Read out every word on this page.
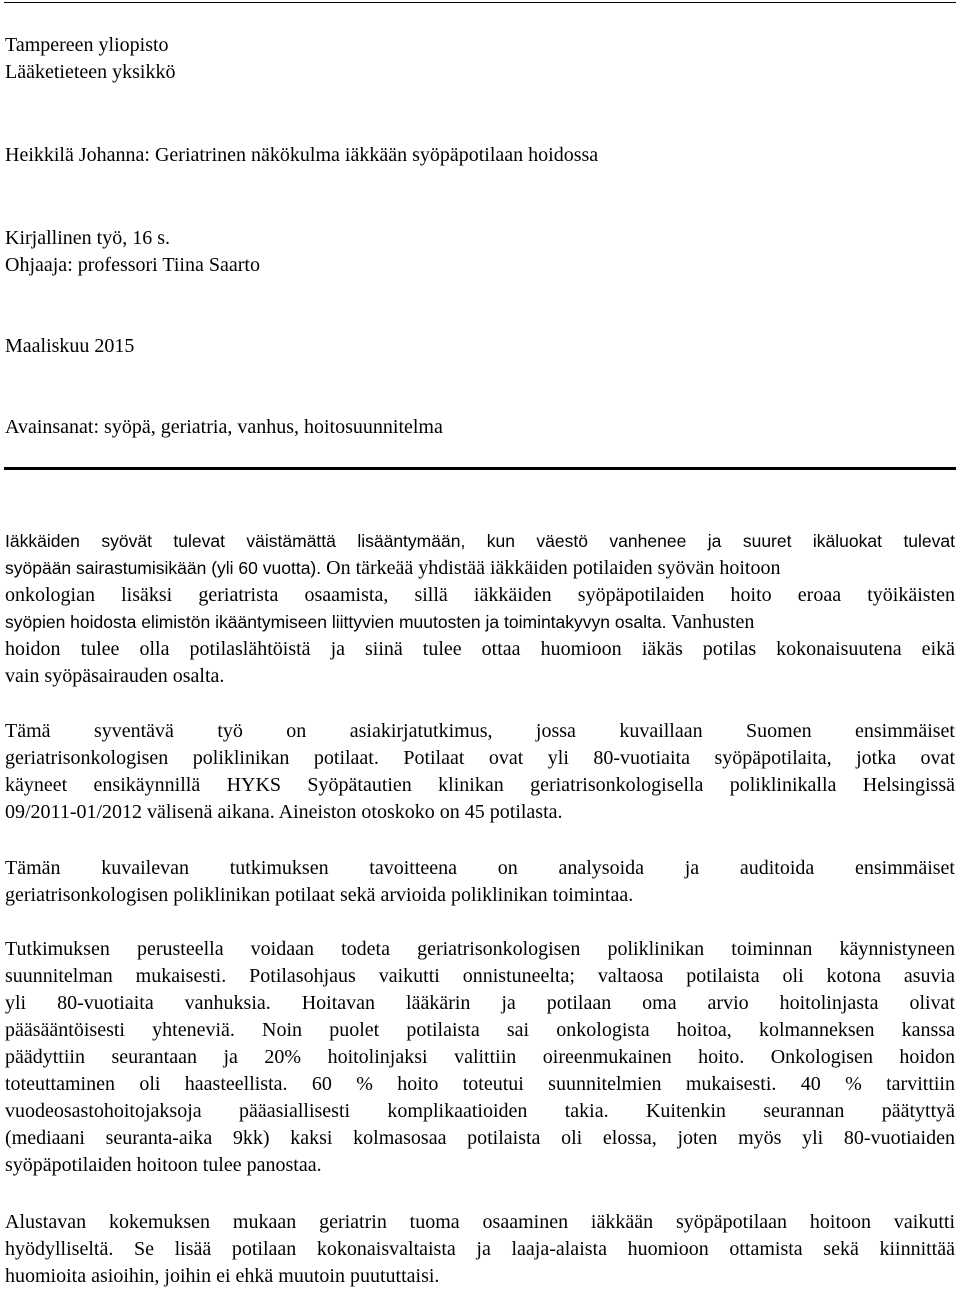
Tampereen yliopisto

Lääketieteen yksikkö

Heikkilä Johanna: Geriatrinen näkökulma iäkkään syöpäpotilaan hoidossa

Kirjallinen työ, 16 s.

Ohjaaja: professori Tiina Saarto

Maaliskuu 2015

Avainsanat: syöpä, geriatria, vanhus, hoitosuunnitelma

Iäkkäiden syövät tulevat väistämättä lisääntymään, kun väestö vanhenee ja suuret ikäluokat tulevat
syöpään sairastumisikään (yli 60 vuotta). On tärkeää yhdistää iäkkäiden potilaiden syövän hoitoon
onkologian lisäksi geriatrista osaamista, sillä iäkkäiden syöpäpotilaiden hoito eroaa työikäisten
syöpien hoidosta elimistön ikääntymiseen liittyvien muutosten ja toimintakyvyn osalta. Vanhusten
hoidon tulee olla potilaslähtöistä ja siinä tulee ottaa huomioon iäkäs potilas kokonaisuutena eikä
vain syöpäsairauden osalta.
Tämä syventävä työ on asiakirjatutkimus, jossa kuvaillaan Suomen ensimmäiset
geriatrisonkologisen poliklinikan potilaat. Potilaat ovat yli 80-vuotiaita syöpäpotilaita, jotka ovat
käyneet ensikäynnillä HYKS Syöpätautien klinikan geriatrisonkologisella poliklinikalla Helsingissä
09/2011-01/2012 välisenä aikana. Aineiston otoskoko on 45 potilasta.
Tämän kuvailevan tutkimuksen tavoitteena on analysoida ja auditoida ensimmäiset
geriatrisonkologisen poliklinikan potilaat sekä arvioida poliklinikan toimintaa.
Tutkimuksen perusteella voidaan todeta geriatrisonkologisen poliklinikan toiminnan käynnistyneen
suunnitelman mukaisesti. Potilasohjaus vaikutti onnistuneelta; valtaosa potilaista oli kotona asuvia
yli 80-vuotiaita vanhuksia. Hoitavan lääkärin ja potilaan oma arvio hoitolinjasta olivat
pääsääntöisesti yhteneviä. Noin puolet potilaista sai onkologista hoitoa, kolmanneksen kanssa
päädyttiin seurantaan ja 20% hoitolinjaksi valittiin oireenmukainen hoito. Onkologisen hoidon
toteuttaminen oli haasteellista. 60 % hoito toteutui suunnitelmien mukaisesti. 40 % tarvittiin
vuodeosastohoitojaksoja pääasiallisesti komplikaatioiden takia. Kuitenkin seurannan päätyttyä
(mediaani seuranta-aika 9kk) kaksi kolmasosaa potilaista oli elossa, joten myös yli 80-vuotiaiden
syöpäpotilaiden hoitoon tulee panostaa.
Alustavan kokemuksen mukaan geriatrin tuoma osaaminen iäkkään syöpäpotilaan hoitoon vaikutti
hyödylliseltä. Se lisää potilaan kokonaisvaltaista ja laaja-alaista huomioon ottamista sekä kiinnittää
huomioita asioihin, joihin ei ehkä muutoin puututtaisi.
